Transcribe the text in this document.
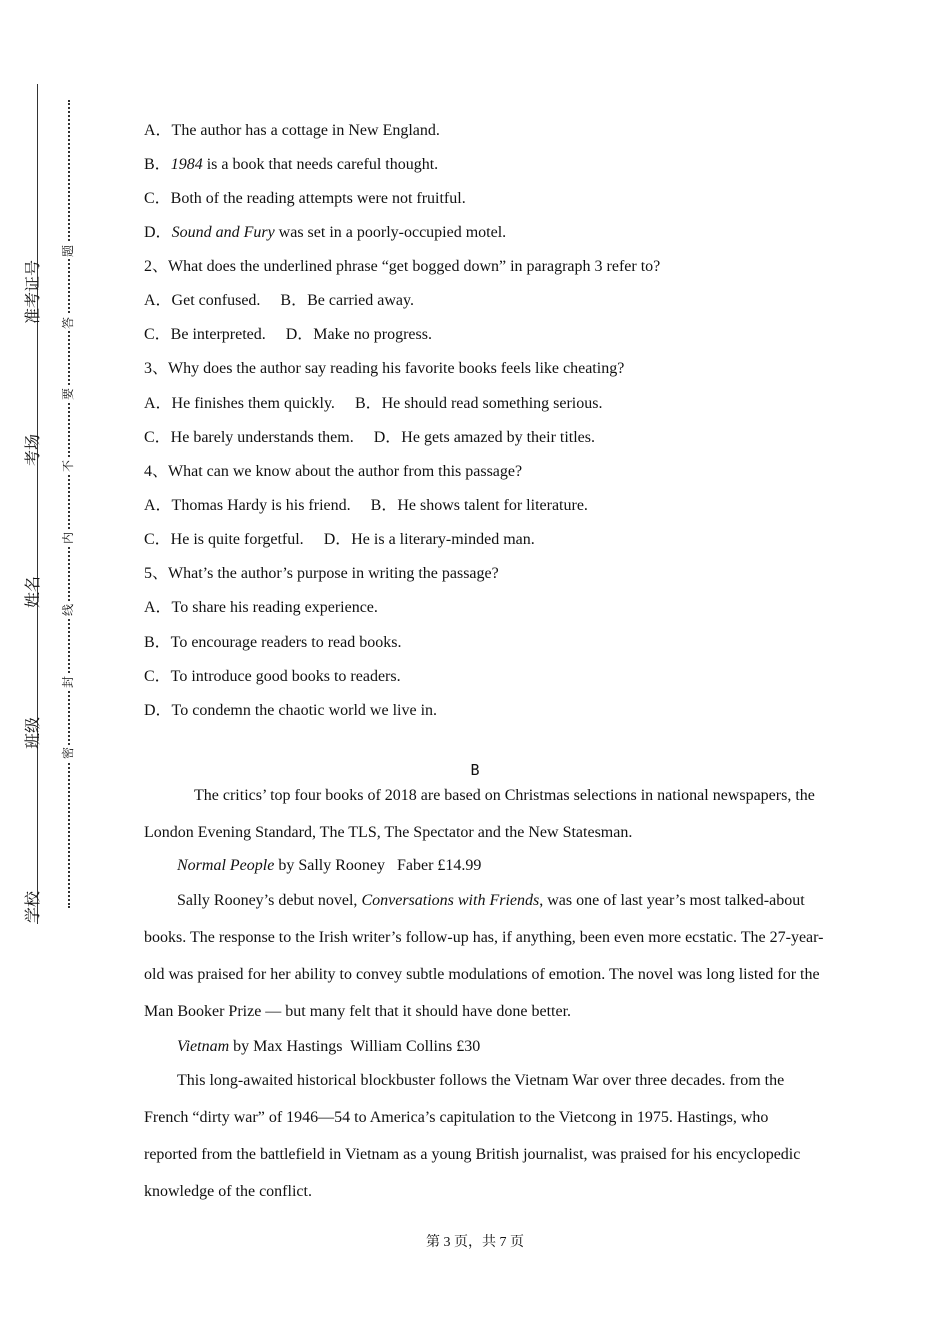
准考证号
考场
姓名
班级
学校
题
答
要
不
内
线
封
密

A．The author has a cottage in New England.

B．1984 is a book that needs careful thought.

C．Both of the reading attempts were not fruitful.

D．Sound and Fury was set in a poorly-occupied motel.

2、What does the underlined phrase “get bogged down” in paragraph 3 refer to?

A．Get confused. B．Be carried away.

C．Be interpreted. D．Make no progress.

3、Why does the author say reading his favorite books feels like cheating?

A．He finishes them quickly. B．He should read something serious.

C．He barely understands them. D．He gets amazed by their titles.

4、What can we know about the author from this passage?

A．Thomas Hardy is his friend. B．He shows talent for literature.

C．He is quite forgetful. D．He is a literary-minded man.

5、What’s the author’s purpose in writing the passage?

A．To share his reading experience.

B．To encourage readers to read books.

C．To introduce good books to readers.

D．To condemn the chaotic world we live in.

B

The critics’ top four books of 2018 are based on Christmas selections in national newspapers, the London Evening Standard, The TLS, The Spectator and the New Statesman.

Normal People by Sally Rooney   Faber £14.99

Sally Rooney’s debut novel, Conversations with Friends, was one of last year’s most talked-about books. The response to the Irish writer’s follow-up has, if anything, been even more ecstatic. The 27-year-old was praised for her ability to convey subtle modulations of emotion. The novel was long listed for the Man Booker Prize — but many felt that it should have done better.

Vietnam by Max Hastings  William Collins £30

This long-awaited historical blockbuster follows the Vietnam War over three decades. from the French “dirty war” of 1946—54 to America’s capitulation to the Vietcong in 1975. Hastings, who reported from the battlefield in Vietnam as a young British journalist, was praised for his encyclopedic knowledge of the conflict.

第 3 页，共 7 页
